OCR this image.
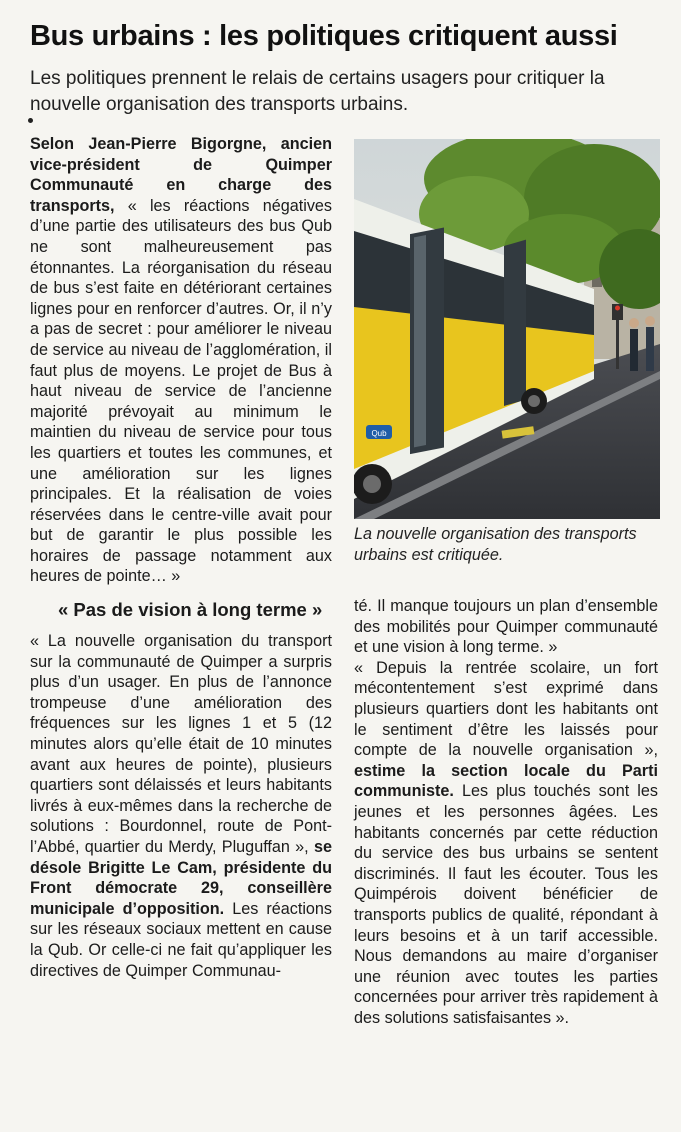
Bus urbains : les politiques critiquent aussi

Les politiques prennent le relais de certains usagers pour critiquer la nouvelle organisation des transports urbains.

Selon Jean-Pierre Bigorgne, ancien vice-président de Quimper Communauté en charge des transports, « les réactions négatives d’une partie des utilisateurs des bus Qub ne sont malheureusement pas étonnantes. La réorganisation du réseau de bus s’est faite en détériorant certaines lignes pour en renforcer d’autres. Or, il n’y a pas de secret : pour améliorer le niveau de service au niveau de l’agglomération, il faut plus de moyens. Le projet de Bus à haut niveau de service de l’ancienne majorité prévoyait au minimum le maintien du niveau de service pour tous les quartiers et toutes les communes, et une amélioration sur les lignes principales. Et la réalisation de voies réservées dans le centre-ville avait pour but de garantir le plus possible les horaires de passage notamment aux heures de pointe… »

« Pas de vision à long terme »

« La nouvelle organisation du transport sur la communauté de Quimper a surpris plus d’un usager. En plus de l’annonce trompeuse d’une amélioration des fréquences sur les lignes 1 et 5 (12 minutes alors qu’elle était de 10 minutes avant aux heures de pointe), plusieurs quartiers sont délaissés et leurs habitants livrés à eux-mêmes dans la recherche de solutions : Bourdonnel, route de Pont-l’Abbé, quartier du Merdy, Pluguffan », se désole Brigitte Le Cam, présidente du Front démocrate 29, conseillère municipale d’opposition. Les réactions sur les réseaux sociaux mettent en cause la Qub. Or celle-ci ne fait qu’appliquer les directives de Quimper Communau-

Qub
La nouvelle organisation des transports urbains est critiquée.

té. Il manque toujours un plan d’ensemble des mobilités pour Quimper communauté et une vision à long terme. »

« Depuis la rentrée scolaire, un fort mécontentement s’est exprimé dans plusieurs quartiers dont les habitants ont le sentiment d’être les laissés pour compte de la nouvelle organisation », estime la section locale du Parti communiste. Les plus touchés sont les jeunes et les personnes âgées. Les habitants concernés par cette réduction du service des bus urbains se sentent discriminés. Il faut les écouter. Tous les Quimpérois doivent bénéficier de transports publics de qualité, répondant à leurs besoins et à un tarif accessible. Nous demandons au maire d’organiser une réunion avec toutes les parties concernées pour arriver très rapidement à des solutions satisfaisantes ».
